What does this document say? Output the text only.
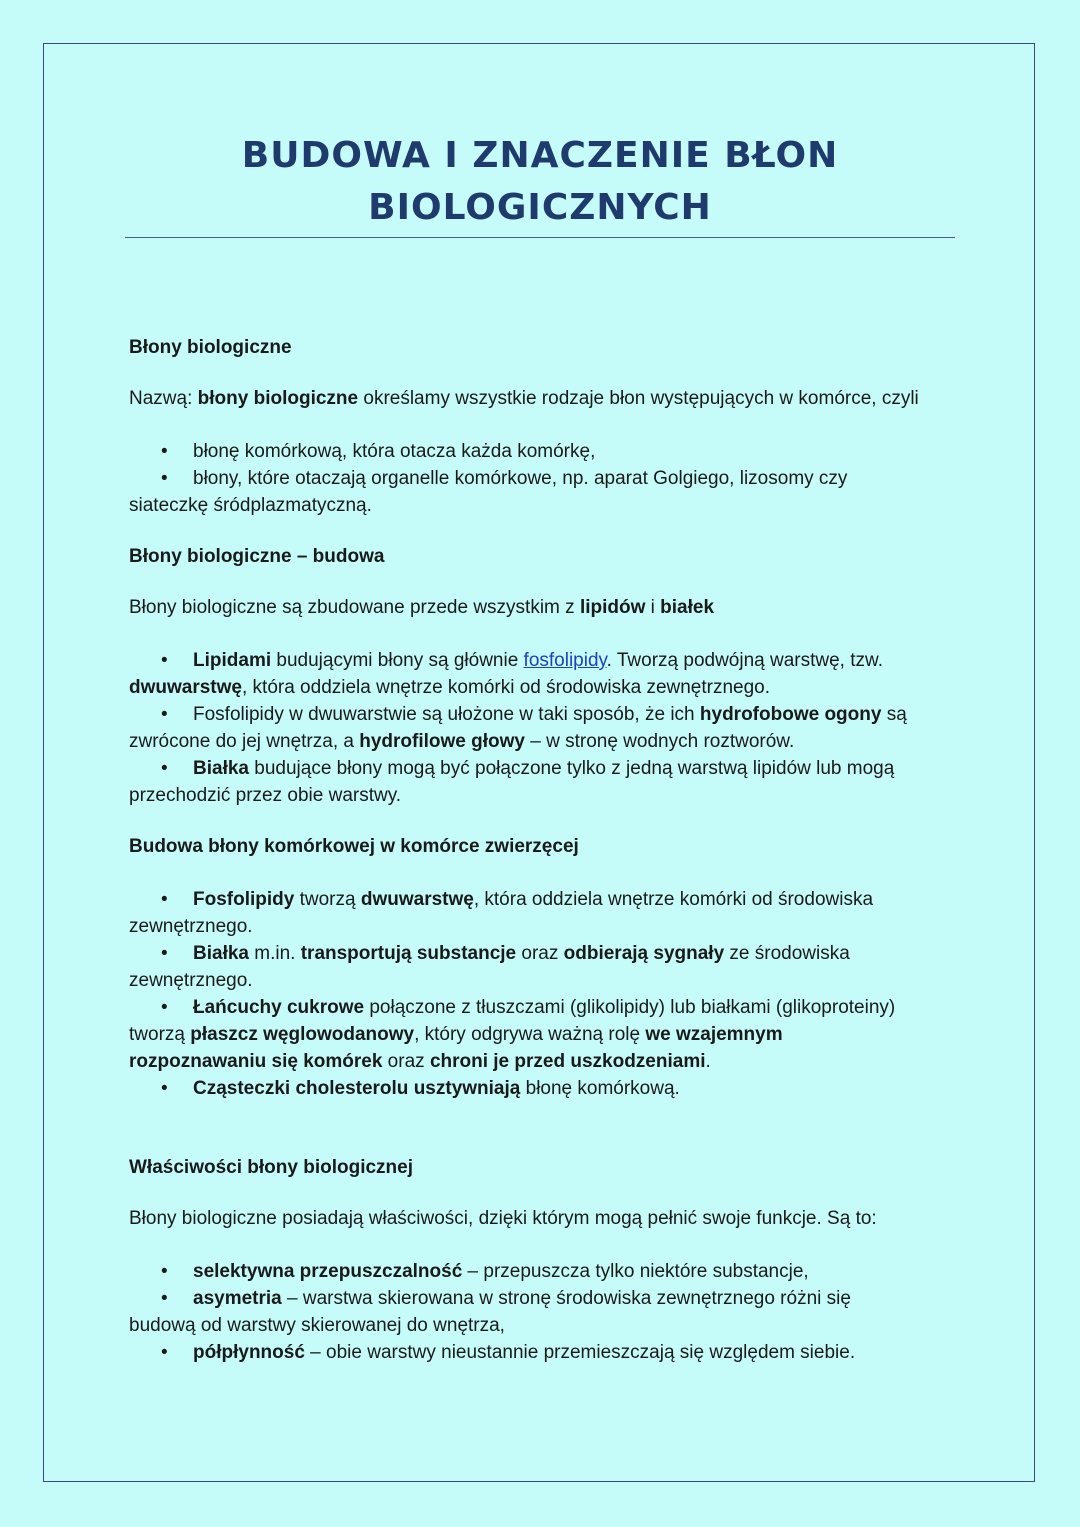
BUDOWA I ZNACZENIE BŁON
BIOLOGICZNYCH

Błony biologiczne

Nazwą: błony biologiczne określamy wszystkie rodzaje błon występujących w komórce, czyli

• błonę komórkową, która otacza każda komórkę,
• błony, które otaczają organelle komórkowe, np. aparat Golgiego, lizosomy czy
siateczkę śródplazmatyczną.

Błony biologiczne – budowa

Błony biologiczne są zbudowane przede wszystkim z lipidów i białek

• Lipidami budującymi błony są głównie fosfolipidy. Tworzą podwójną warstwę, tzw.
dwuwarstwę, która oddziela wnętrze komórki od środowiska zewnętrznego.
• Fosfolipidy w dwuwarstwie są ułożone w taki sposób, że ich hydrofobowe ogony są
zwrócone do jej wnętrza, a hydrofilowe głowy – w stronę wodnych roztworów.
• Białka budujące błony mogą być połączone tylko z jedną warstwą lipidów lub mogą
przechodzić przez obie warstwy.

Budowa błony komórkowej w komórce zwierzęcej

• Fosfolipidy tworzą dwuwarstwę, która oddziela wnętrze komórki od środowiska
zewnętrznego.
• Białka m.in. transportują substancje oraz odbierają sygnały ze środowiska
zewnętrznego.
• Łańcuchy cukrowe połączone z tłuszczami (glikolipidy) lub białkami (glikoproteiny)
tworzą płaszcz węglowodanowy, który odgrywa ważną rolę we wzajemnym
rozpoznawaniu się komórek oraz chroni je przed uszkodzeniami.
• Cząsteczki cholesterolu usztywniają błonę komórkową.

Właściwości błony biologicznej

Błony biologiczne posiadają właściwości, dzięki którym mogą pełnić swoje funkcje. Są to:

• selektywna przepuszczalność – przepuszcza tylko niektóre substancje,
• asymetria – warstwa skierowana w stronę środowiska zewnętrznego różni się
budową od warstwy skierowanej do wnętrza,
• półpłynność – obie warstwy nieustannie przemieszczają się względem siebie.
